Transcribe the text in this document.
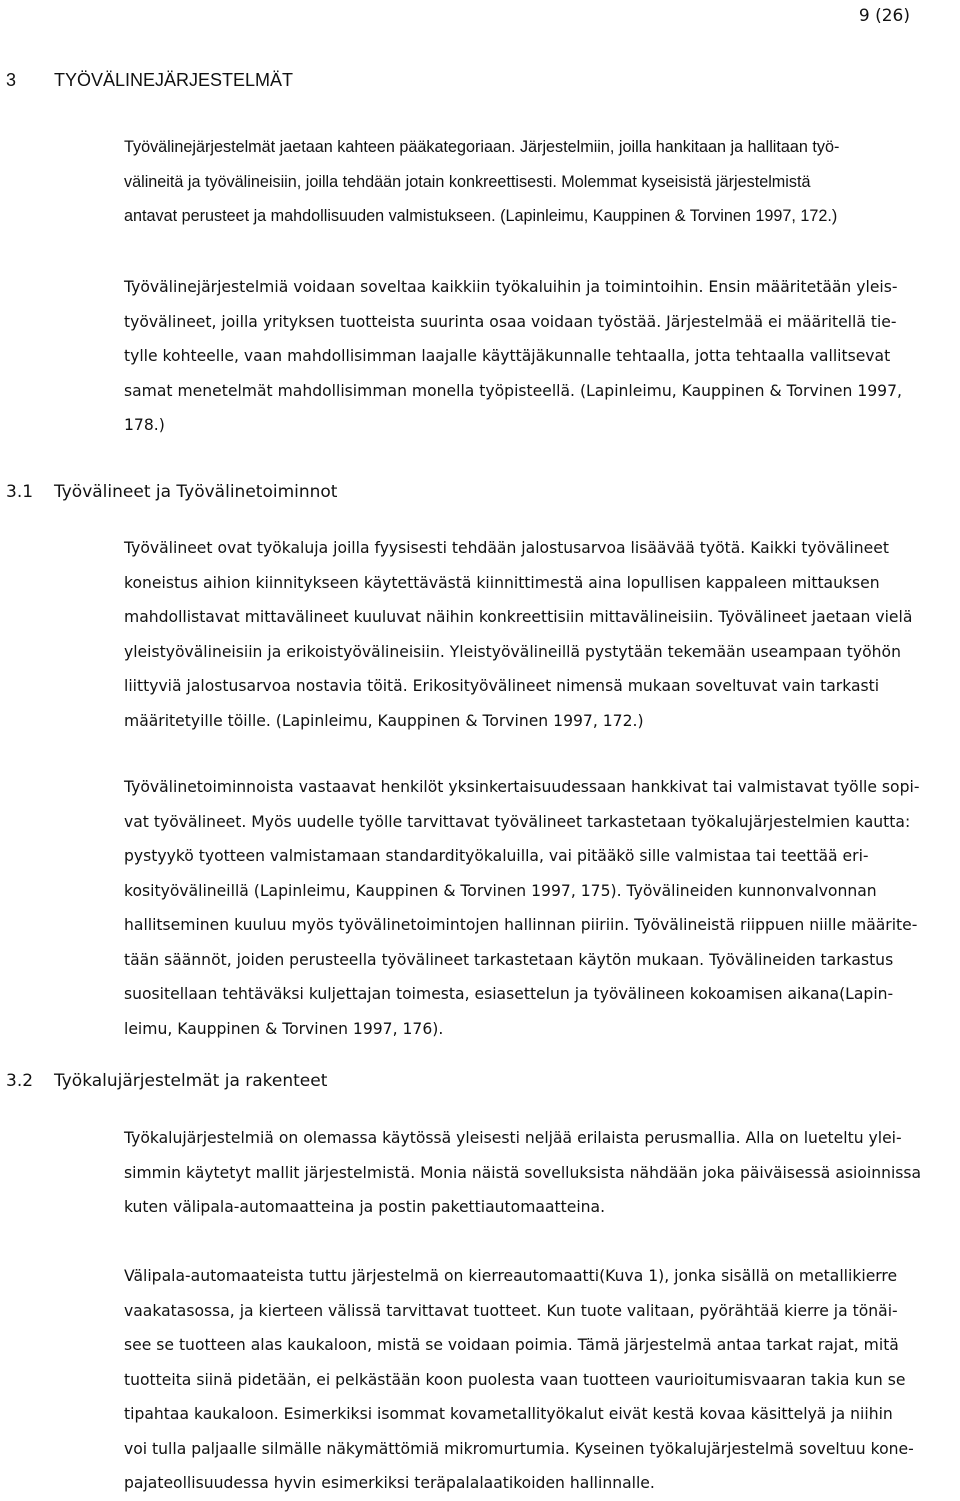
9 (26)
3 TYÖVÄLINEJÄRJESTELMÄT

Työvälinejärjestelmät jaetaan kahteen pääkategoriaan. Järjestelmiin, joilla hankitaan ja hallitaan työ-
välineitä ja työvälineisiin, joilla tehdään jotain konkreettisesti. Molemmat kyseisistä järjestelmistä
antavat perusteet ja mahdollisuuden valmistukseen. (Lapinleimu, Kauppinen & Torvinen 1997, 172.)

Työvälinejärjestelmiä voidaan soveltaa kaikkiin työkaluihin ja toimintoihin. Ensin määritetään yleis-
työvälineet, joilla yrityksen tuotteista suurinta osaa voidaan työstää. Järjestelmää ei määritellä tie-
tylle kohteelle, vaan mahdollisimman laajalle käyttäjäkunnalle tehtaalla, jotta tehtaalla vallitsevat
samat menetelmät mahdollisimman monella työpisteellä. (Lapinleimu, Kauppinen & Torvinen 1997,
178.)

3.1 Työvälineet ja Työvälinetoiminnot

Työvälineet ovat työkaluja joilla fyysisesti tehdään jalostusarvoa lisäävää työtä. Kaikki työvälineet
koneistus aihion kiinnitykseen käytettävästä kiinnittimestä aina lopullisen kappaleen mittauksen
mahdollistavat mittavälineet kuuluvat näihin konkreettisiin mittavälineisiin. Työvälineet jaetaan vielä
yleistyövälineisiin ja erikoistyövälineisiin. Yleistyövälineillä pystytään tekemään useampaan työhön
liittyviä jalostusarvoa nostavia töitä. Erikosityövälineet nimensä mukaan soveltuvat vain tarkasti
määritetyille töille. (Lapinleimu, Kauppinen & Torvinen 1997, 172.)

Työvälinetoiminnoista vastaavat henkilöt yksinkertaisuudessaan hankkivat tai valmistavat työlle sopi-
vat työvälineet. Myös uudelle työlle tarvittavat työvälineet tarkastetaan työkalujärjestelmien kautta:
pystyykö tyotteen valmistamaan standardityökaluilla, vai pitääkö sille valmistaa tai teettää eri-
kosityövälineillä (Lapinleimu, Kauppinen & Torvinen 1997, 175). Työvälineiden kunnonvalvonnan
hallitseminen kuuluu myös työvälinetoimintojen hallinnan piiriin. Työvälineistä riippuen niille määrite-
tään säännöt, joiden perusteella työvälineet tarkastetaan käytön mukaan. Työvälineiden tarkastus
suositellaan tehtäväksi kuljettajan toimesta, esiasettelun ja työvälineen kokoamisen aikana(Lapin-
leimu, Kauppinen & Torvinen 1997, 176).

3.2 Työkalujärjestelmät ja rakenteet

Työkalujärjestelmiä on olemassa käytössä yleisesti neljää erilaista perusmallia. Alla on lueteltu ylei-
simmin käytetyt mallit järjestelmistä. Monia näistä sovelluksista nähdään joka päiväisessä asioinnissa
kuten välipala-automaatteina ja postin pakettiautomaatteina.

Välipala-automaateista tuttu järjestelmä on kierreautomaatti(Kuva 1), jonka sisällä on metallikierre
vaakatasossa, ja kierteen välissä tarvittavat tuotteet. Kun tuote valitaan, pyörähtää kierre ja tönäi-
see se tuotteen alas kaukaloon, mistä se voidaan poimia. Tämä järjestelmä antaa tarkat rajat, mitä
tuotteita siinä pidetään, ei pelkästään koon puolesta vaan tuotteen vaurioitumisvaaran takia kun se
tipahtaa kaukaloon. Esimerkiksi isommat kovametallityökalut eivät kestä kovaa käsittelyä ja niihin
voi tulla paljaalle silmälle näkymättömiä mikromurtumia. Kyseinen työkalujärjestelmä soveltuu kone-
pajateollisuudessa hyvin esimerkiksi teräpalalaatikoiden hallinnalle.
